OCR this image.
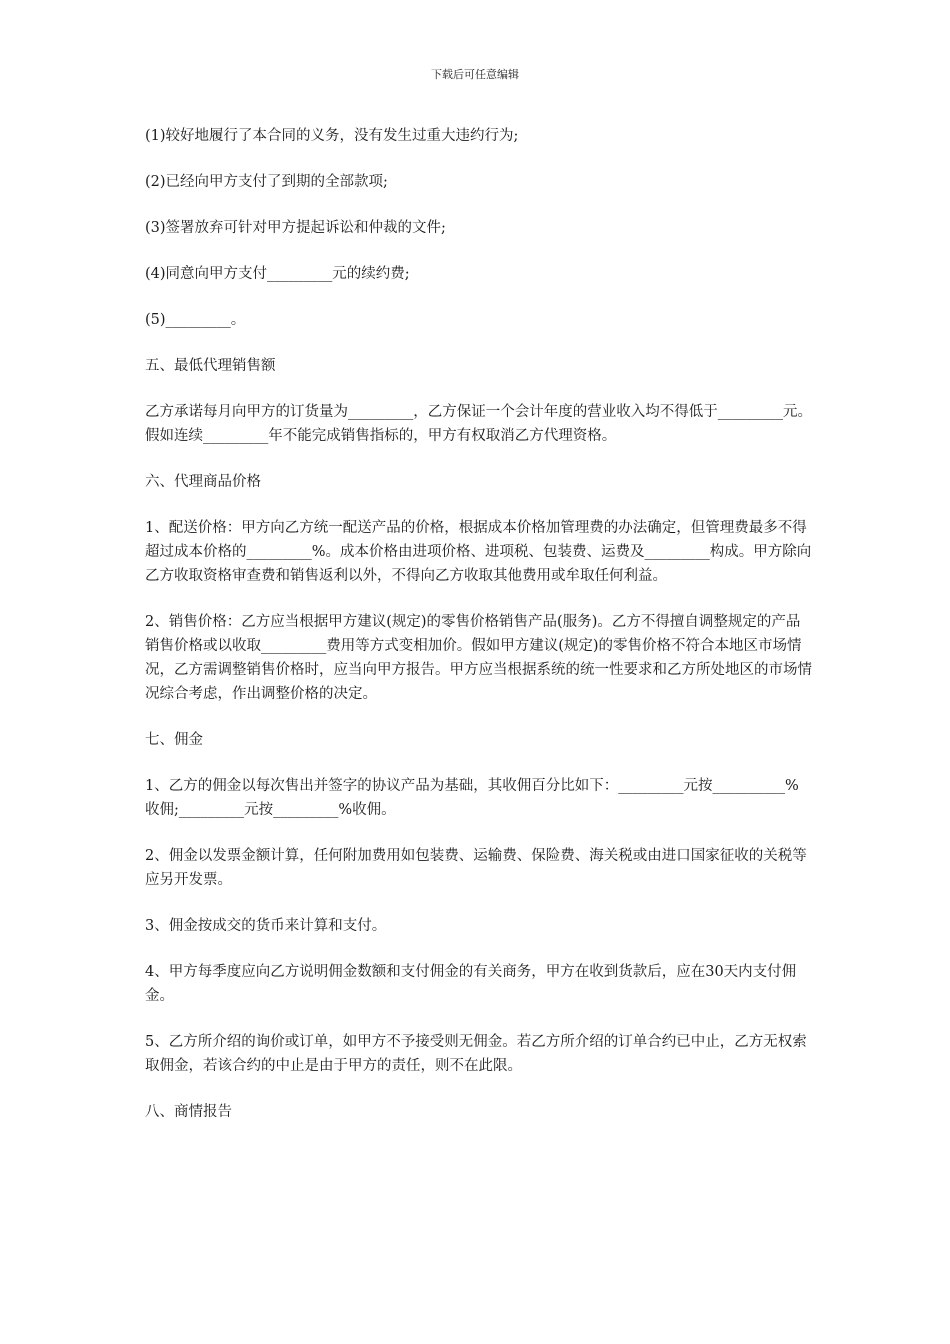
下载后可任意编辑

(1)较好地履行了本合同的义务，没有发生过重大违约行为;

(2)已经向甲方支付了到期的全部款项;

(3)签署放弃可针对甲方提起诉讼和仲裁的文件;

(4)同意向甲方支付_________元的续约费;

(5)_________。

五、最低代理销售额

乙方承诺每月向甲方的订货量为_________，乙方保证一个会计年度的营业收入均不得低于_________元。假如连续_________年不能完成销售指标的，甲方有权取消乙方代理资格。

六、代理商品价格

1、配送价格：甲方向乙方统一配送产品的价格，根据成本价格加管理费的办法确定，但管理费最多不得超过成本价格的_________%。成本价格由进项价格、进项税、包装费、运费及_________构成。甲方除向乙方收取资格审查费和销售返利以外，不得向乙方收取其他费用或牟取任何利益。

2、销售价格：乙方应当根据甲方建议(规定)的零售价格销售产品(服务)。乙方不得擅自调整规定的产品销售价格或以收取_________费用等方式变相加价。假如甲方建议(规定)的零售价格不符合本地区市场情况，乙方需调整销售价格时，应当向甲方报告。甲方应当根据系统的统一性要求和乙方所处地区的市场情况综合考虑，作出调整价格的决定。

七、佣金

1、乙方的佣金以每次售出并签字的协议产品为基础，其收佣百分比如下：_________元按__________%收佣;_________元按_________%收佣。

2、佣金以发票金额计算，任何附加费用如包装费、运输费、保险费、海关税或由进口国家征收的关税等应另开发票。

3、佣金按成交的货币来计算和支付。

4、甲方每季度应向乙方说明佣金数额和支付佣金的有关商务，甲方在收到货款后，应在30天内支付佣金。

5、乙方所介绍的询价或订单，如甲方不予接受则无佣金。若乙方所介绍的订单合约已中止，乙方无权索取佣金，若该合约的中止是由于甲方的责任，则不在此限。

八、商情报告
